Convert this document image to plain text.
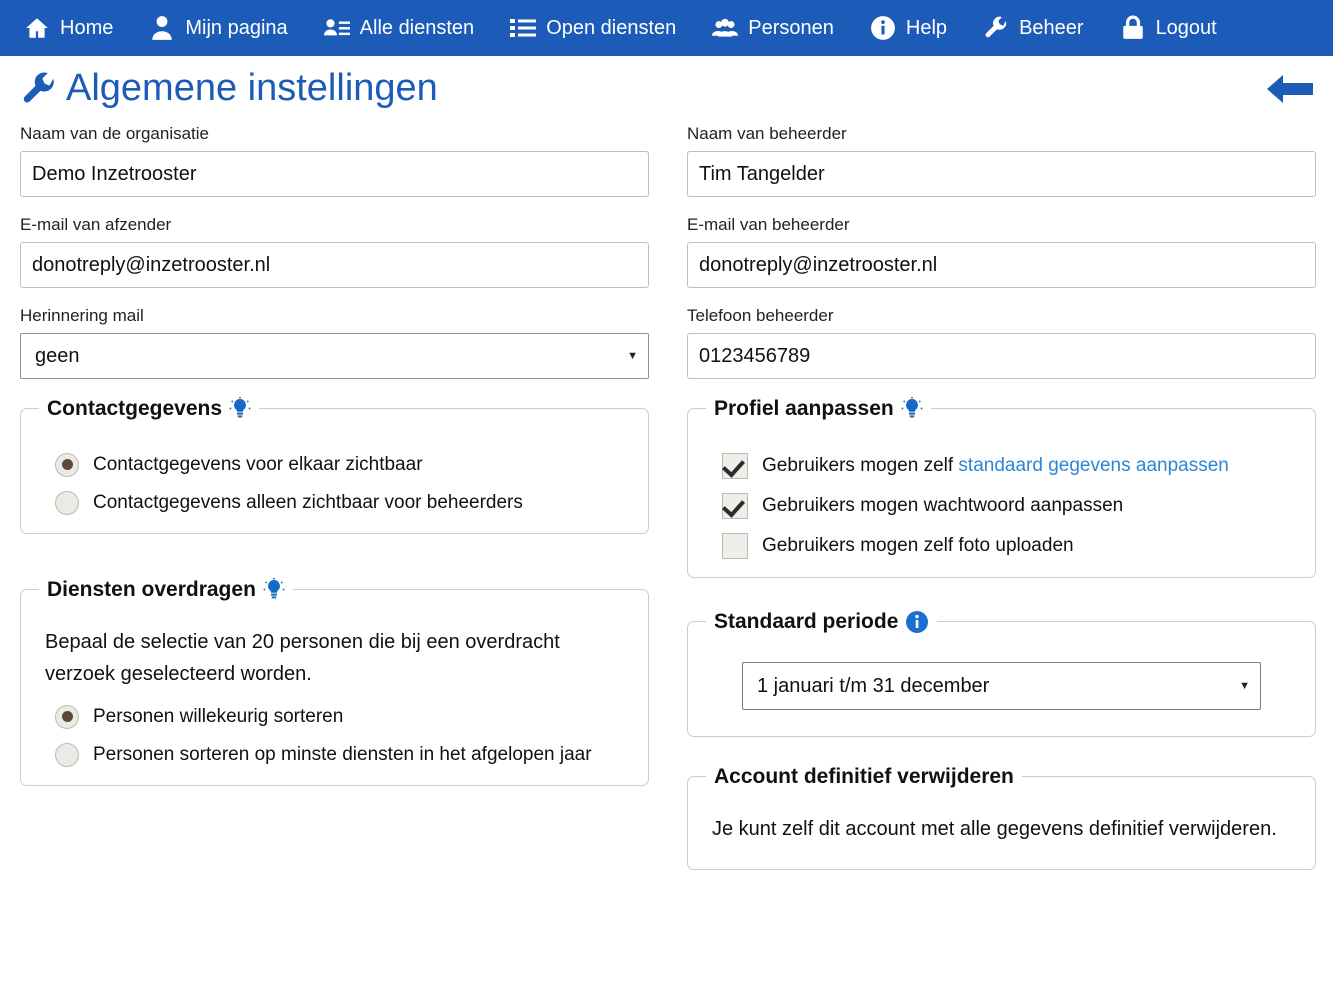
Home	Mijn pagina	Alle diensten	Open diensten	Personen	Help	Beheer	Logout
Algemene instellingen
Naam van de organisatie
Demo Inzetrooster
E-mail van afzender
donotreply@inzetrooster.nl
Herinnering mail
geen	▼
Contactgegevens
Contactgegevens voor elkaar zichtbaar
Contactgegevens alleen zichtbaar voor beheerders
Diensten overdragen
Bepaal de selectie van 20 personen die bij een overdracht verzoek geselecteerd worden.
Personen willekeurig sorteren
Personen sorteren op minste diensten in het afgelopen jaar
Naam van beheerder
Tim Tangelder
E-mail van beheerder
donotreply@inzetrooster.nl
Telefoon beheerder
0123456789
Profiel aanpassen
Gebruikers mogen zelf standaard gegevens aanpassen
Gebruikers mogen wachtwoord aanpassen
Gebruikers mogen zelf foto uploaden
Standaard periode
1 januari t/m 31 december	▼
Account definitief verwijderen
Je kunt zelf dit account met alle gegevens definitief verwijderen.
